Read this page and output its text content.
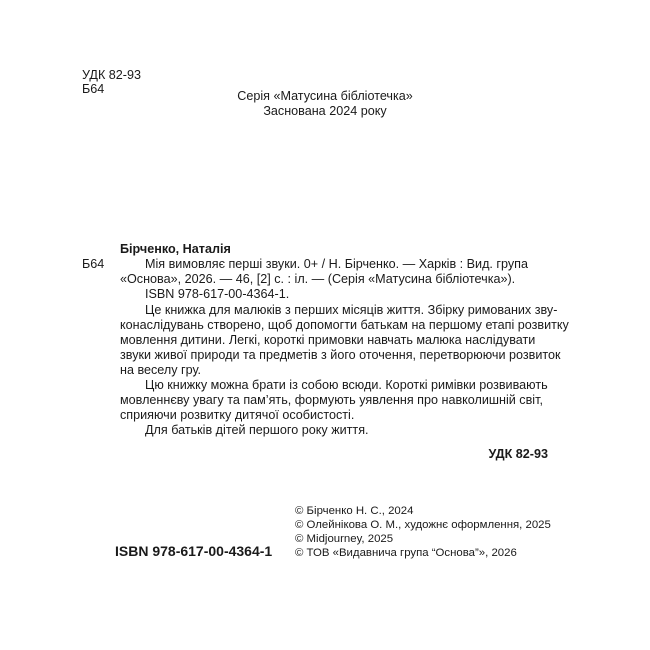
УДК 82-93
Б64	Серія «Матусина бібліотечка»
Заснована 2024 року
Бірченко, Наталія
Б64	Мія вимовляє перші звуки. 0+ / Н. Бірченко. — Харків : Вид. група
«Основа», 2026. — 46, [2] с. : іл. — (Серія «Матусина бібліотечка»).
ISBN 978-617-00-4364-1.
Це книжка для малюків з перших місяців життя. Збірку римованих зву-
конаслідувань створено, щоб допомогти батькам на першому етапі розвитку
мовлення дитини. Легкі, короткі примовки навчать малюка наслідувати
звуки живої природи та предметів з його оточення, перетворюючи розвиток
на веселу гру.
Цю книжку можна брати із собою всюди. Короткі римівки розвивають
мовленнєву увагу та пам’ять, формують уявлення про навколишній світ,
сприяючи розвитку дитячої особистості.
Для батьків дітей першого року життя.
УДК 82-93
© Бірченко Н. С., 2024
© Олейнікова О. М., художнє оформлення, 2025
© Midjourney, 2025
© ТОВ «Видавнича група “Основа”», 2026
ISBN 978-617-00-4364-1
